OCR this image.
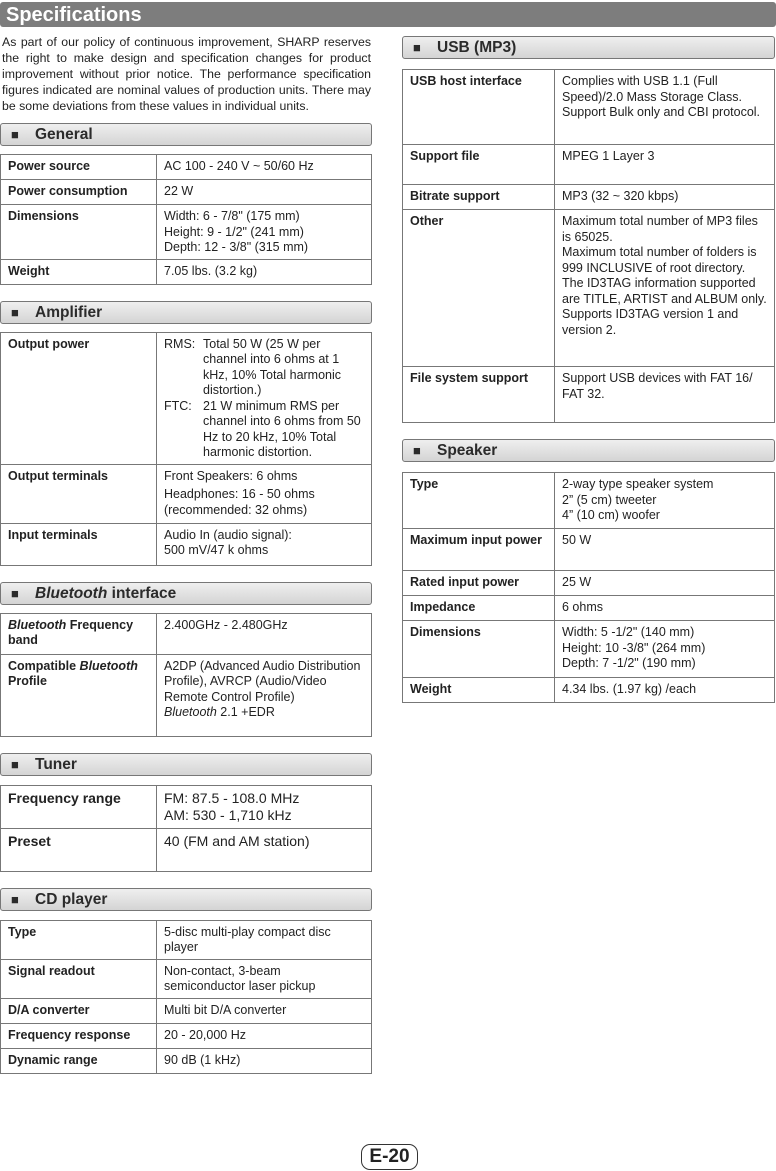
Specifications

As part of our policy of continuous improvement, SHARP reserves the right to make design and specification changes for product improvement without prior notice. The performance specification figures indicated are nominal values of production units. There may be some deviations from these values in individual units.

■ General
Power source	AC 100 - 240 V ~ 50/60 Hz
Power consumption	22 W
Dimensions	Width: 6 - 7/8" (175 mm)
Height: 9 - 1/2" (241 mm)
Depth: 12 - 3/8" (315 mm)

Weight	7.05 lbs. (3.2 kg)
■ Amplifier
Output power	RMS: Total 50 W (25 W per channel into 6 ohms at 1 kHz, 10% Total harmonic distortion.)
FTC: 21 W minimum RMS per channel into 6 ohms from 50 Hz to 20 kHz, 10% Total harmonic distortion.

Output terminals	Front Speakers: 6 ohms
Headphones: 16 - 50 ohms (recommended: 32 ohms)

Input terminals	Audio In (audio signal):
500 mV/47 k ohms
■ Bluetooth interface
Bluetooth Frequency band	2.400GHz - 2.480GHz
Compatible Bluetooth Profile	A2DP (Advanced Audio Distribution Profile), AVRCP (Audio/Video Remote Control Profile)
Bluetooth 2.1 +EDR
■ Tuner
Frequency range	FM: 87.5 - 108.0 MHz
AM: 530 - 1,710 kHz

Preset	40 (FM and AM station)
■ CD player
Type	5-disc multi-play compact disc player
Signal readout	Non-contact, 3-beam semiconductor laser pickup
D/A converter	Multi bit D/A converter
Frequency response	20 - 20,000 Hz
Dynamic range	90 dB (1 kHz)
■ USB (MP3)
USB host interface	Complies with USB 1.1 (Full Speed)/2.0 Mass Storage Class.
Support Bulk only and CBI protocol.

Support file	MPEG 1 Layer 3
Bitrate support	MP3 (32 ~ 320 kbps)
Other	Maximum total number of MP3 files is 65025.
Maximum total number of folders is 999 INCLUSIVE of root directory.
The ID3TAG information supported are TITLE, ARTIST and ALBUM only.
Supports ID3TAG version 1 and version 2.

File system support	Support USB devices with FAT 16/ FAT 32.
■ Speaker
Type	2-way type speaker system
2” (5 cm) tweeter
4” (10 cm) woofer

Maximum input power	50 W
Rated input power	25 W
Impedance	6 ohms
Dimensions	Width: 5 -1/2" (140 mm)
Height: 10 -3/8" (264 mm)
Depth: 7 -1/2" (190 mm)

Weight	4.34 lbs. (1.97 kg) /each
E-20
